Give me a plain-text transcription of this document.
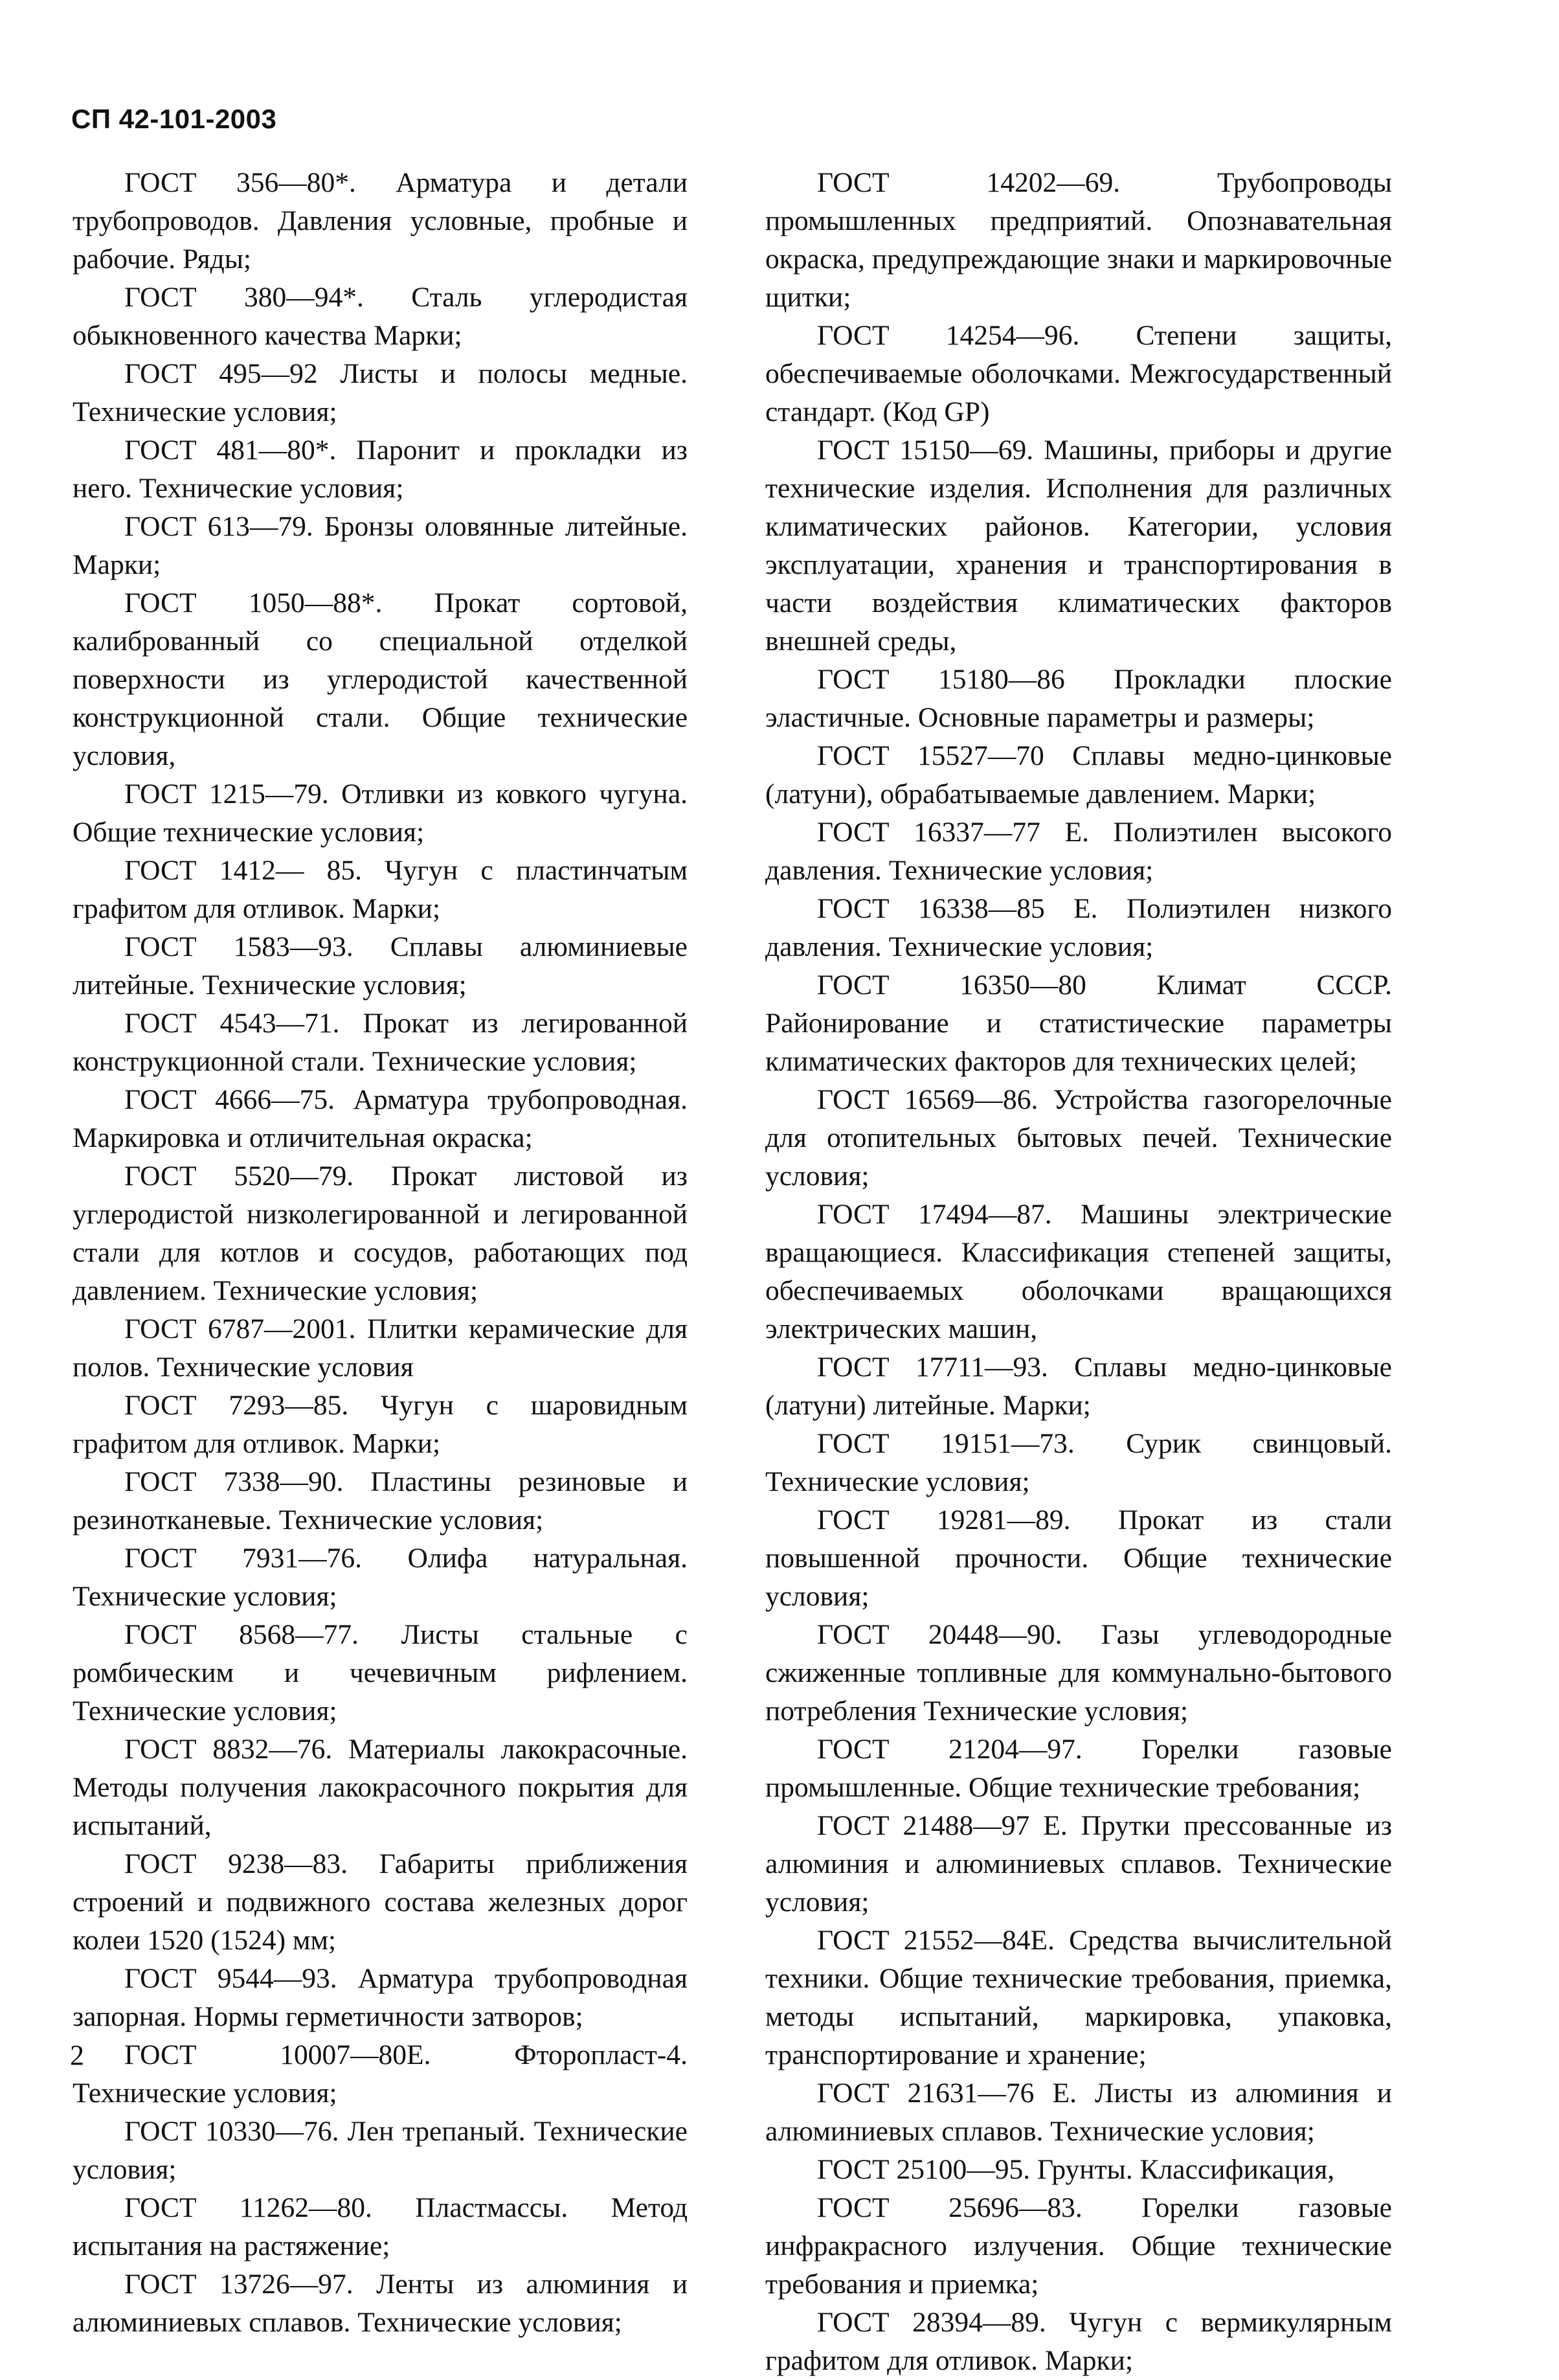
СП 42-101-2003

ГОСТ 356—80*. Арматура и детали трубопроводов. Давления условные, пробные и рабочие. Ряды;

ГОСТ 380—94*. Сталь углеродистая обыкновенного качества Марки;

ГОСТ 495—92 Листы и полосы медные. Технические условия;

ГОСТ 481—80*. Паронит и прокладки из него. Технические условия;

ГОСТ 613—79. Бронзы оловянные литейные. Марки;

ГОСТ 1050—88*. Прокат сортовой, калиброванный со специальной отделкой поверхности из углеродистой качественной конструкционной стали. Общие технические условия,

ГОСТ 1215—79. Отливки из ковкого чугуна. Общие технические условия;

ГОСТ 1412— 85. Чугун с пластинчатым графитом для отливок. Марки;

ГОСТ 1583—93. Сплавы алюминиевые литейные. Технические условия;

ГОСТ 4543—71. Прокат из легированной конструкционной стали. Технические условия;

ГОСТ 4666—75. Арматура трубопроводная. Маркировка и отличительная окраска;

ГОСТ 5520—79. Прокат листовой из углеродистой низколегированной и легированной стали для котлов и сосудов, работающих под давлением. Технические условия;

ГОСТ 6787—2001. Плитки керамические для полов. Технические условия

ГОСТ 7293—85. Чугун с шаровидным графитом для отливок. Марки;

ГОСТ 7338—90. Пластины резиновые и резинотканевые. Технические условия;

ГОСТ 7931—76. Олифа натуральная. Технические условия;

ГОСТ 8568—77. Листы стальные с ромбическим и чечевичным рифлением. Технические условия;

ГОСТ 8832—76. Материалы лакокрасочные. Методы получения лакокрасочного покрытия для испытаний,

ГОСТ 9238—83. Габариты приближения строений и подвижного состава железных дорог колеи 1520 (1524) мм;

ГОСТ 9544—93. Арматура трубопроводная запорная. Нормы герметичности затворов;

ГОСТ 10007—80Е. Фторопласт-4. Технические условия;

ГОСТ 10330—76. Лен трепаный. Технические условия;

ГОСТ 11262—80. Пластмассы. Метод испытания на растяжение;

ГОСТ 13726—97. Ленты из алюминия и алюминиевых сплавов. Технические условия;

ГОСТ 14202—69. Трубопроводы промышленных предприятий. Опознавательная окраска, предупреждающие знаки и маркировочные щитки;

ГОСТ 14254—96. Степени защиты, обеспечиваемые оболочками. Межгосударственный стандарт. (Код GP)

ГОСТ 15150—69. Машины, приборы и другие технические изделия. Исполнения для различных климатических районов. Категории, условия эксплуатации, хранения и транспортирования в части воздействия климатических факторов внешней среды,

ГОСТ 15180—86 Прокладки плоские эластичные. Основные параметры и размеры;

ГОСТ 15527—70 Сплавы медно-цинковые (латуни), обрабатываемые давлением. Марки;

ГОСТ 16337—77 Е. Полиэтилен высокого давления. Технические условия;

ГОСТ 16338—85 Е. Полиэтилен низкого давления. Технические условия;

ГОСТ 16350—80 Климат СССР. Районирование и статистические параметры климатических факторов для технических целей;

ГОСТ 16569—86. Устройства газогорелочные для отопительных бытовых печей. Технические условия;

ГОСТ 17494—87. Машины электрические вращающиеся. Классификация степеней защиты, обеспечиваемых оболочками вращающихся электрических машин,

ГОСТ 17711—93. Сплавы медно-цинковые (латуни) литейные. Марки;

ГОСТ 19151—73. Сурик свинцовый. Технические условия;

ГОСТ 19281—89. Прокат из стали повышенной прочности. Общие технические условия;

ГОСТ 20448—90. Газы углеводородные сжиженные топливные для коммунально-бытового потребления Технические условия;

ГОСТ 21204—97. Горелки газовые промышленные. Общие технические требования;

ГОСТ 21488—97 Е. Прутки прессованные из алюминия и алюминиевых сплавов. Технические условия;

ГОСТ 21552—84Е. Средства вычислительной техники. Общие технические требования, приемка, методы испытаний, маркировка, упаковка, транспортирование и хранение;

ГОСТ 21631—76 Е. Листы из алюминия и алюминиевых сплавов. Технические условия;

ГОСТ 25100—95. Грунты. Классификация,

ГОСТ 25696—83. Горелки газовые инфракрасного излучения. Общие технические требования и приемка;

ГОСТ 28394—89. Чугун с вермикулярным графитом для отливок. Марки;

2
